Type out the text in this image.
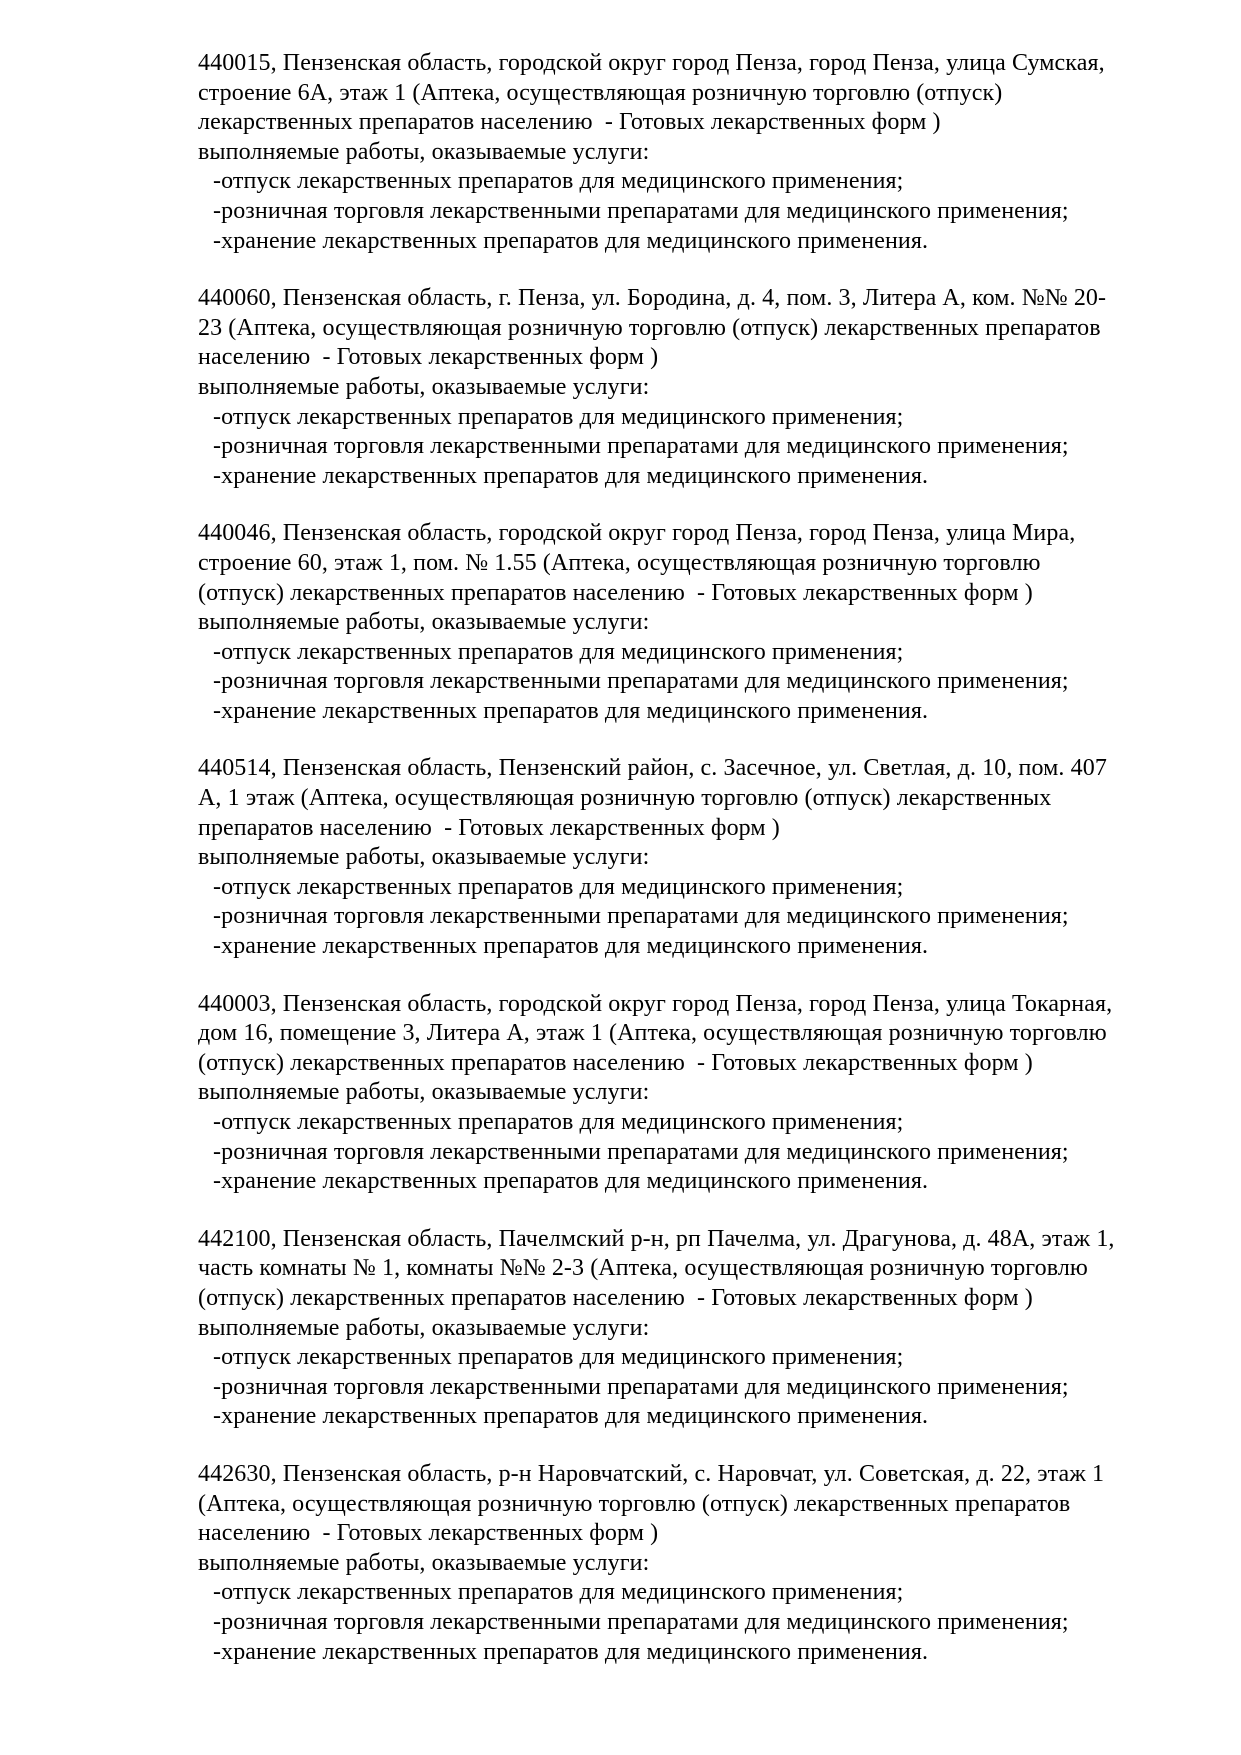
440015, Пензенская область, городской округ город Пенза, город Пенза, улица Сумская,
строение 6А, этаж 1 (Аптека, осуществляющая розничную торговлю (отпуск)
лекарственных препаратов населению  - Готовых лекарственных форм )
выполняемые работы, оказываемые услуги:
-отпуск лекарственных препаратов для медицинского применения;
-розничная торговля лекарственными препаратами для медицинского применения;
-хранение лекарственных препаратов для медицинского применения.
440060, Пензенская область, г. Пенза, ул. Бородина, д. 4, пом. 3, Литера А, ком. №№ 20-
23 (Аптека, осуществляющая розничную торговлю (отпуск) лекарственных препаратов
населению  - Готовых лекарственных форм )
выполняемые работы, оказываемые услуги:
-отпуск лекарственных препаратов для медицинского применения;
-розничная торговля лекарственными препаратами для медицинского применения;
-хранение лекарственных препаратов для медицинского применения.
440046, Пензенская область, городской округ город Пенза, город Пенза, улица Мира,
строение 60, этаж 1, пом. № 1.55 (Аптека, осуществляющая розничную торговлю
(отпуск) лекарственных препаратов населению  - Готовых лекарственных форм )
выполняемые работы, оказываемые услуги:
-отпуск лекарственных препаратов для медицинского применения;
-розничная торговля лекарственными препаратами для медицинского применения;
-хранение лекарственных препаратов для медицинского применения.
440514, Пензенская область, Пензенский район, с. Засечное, ул. Светлая, д. 10, пом. 407
А, 1 этаж (Аптека, осуществляющая розничную торговлю (отпуск) лекарственных
препаратов населению  - Готовых лекарственных форм )
выполняемые работы, оказываемые услуги:
-отпуск лекарственных препаратов для медицинского применения;
-розничная торговля лекарственными препаратами для медицинского применения;
-хранение лекарственных препаратов для медицинского применения.
440003, Пензенская область, городской округ город Пенза, город Пенза, улица Токарная,
дом 16, помещение 3, Литера А, этаж 1 (Аптека, осуществляющая розничную торговлю
(отпуск) лекарственных препаратов населению  - Готовых лекарственных форм )
выполняемые работы, оказываемые услуги:
-отпуск лекарственных препаратов для медицинского применения;
-розничная торговля лекарственными препаратами для медицинского применения;
-хранение лекарственных препаратов для медицинского применения.
442100, Пензенская область, Пачелмский р-н, рп Пачелма, ул. Драгунова, д. 48А, этаж 1,
часть комнаты № 1, комнаты №№ 2-3 (Аптека, осуществляющая розничную торговлю
(отпуск) лекарственных препаратов населению  - Готовых лекарственных форм )
выполняемые работы, оказываемые услуги:
-отпуск лекарственных препаратов для медицинского применения;
-розничная торговля лекарственными препаратами для медицинского применения;
-хранение лекарственных препаратов для медицинского применения.
442630, Пензенская область, р-н Наровчатский, с. Наровчат, ул. Советская, д. 22, этаж 1
(Аптека, осуществляющая розничную торговлю (отпуск) лекарственных препаратов
населению  - Готовых лекарственных форм )
выполняемые работы, оказываемые услуги:
-отпуск лекарственных препаратов для медицинского применения;
-розничная торговля лекарственными препаратами для медицинского применения;
-хранение лекарственных препаратов для медицинского применения.
